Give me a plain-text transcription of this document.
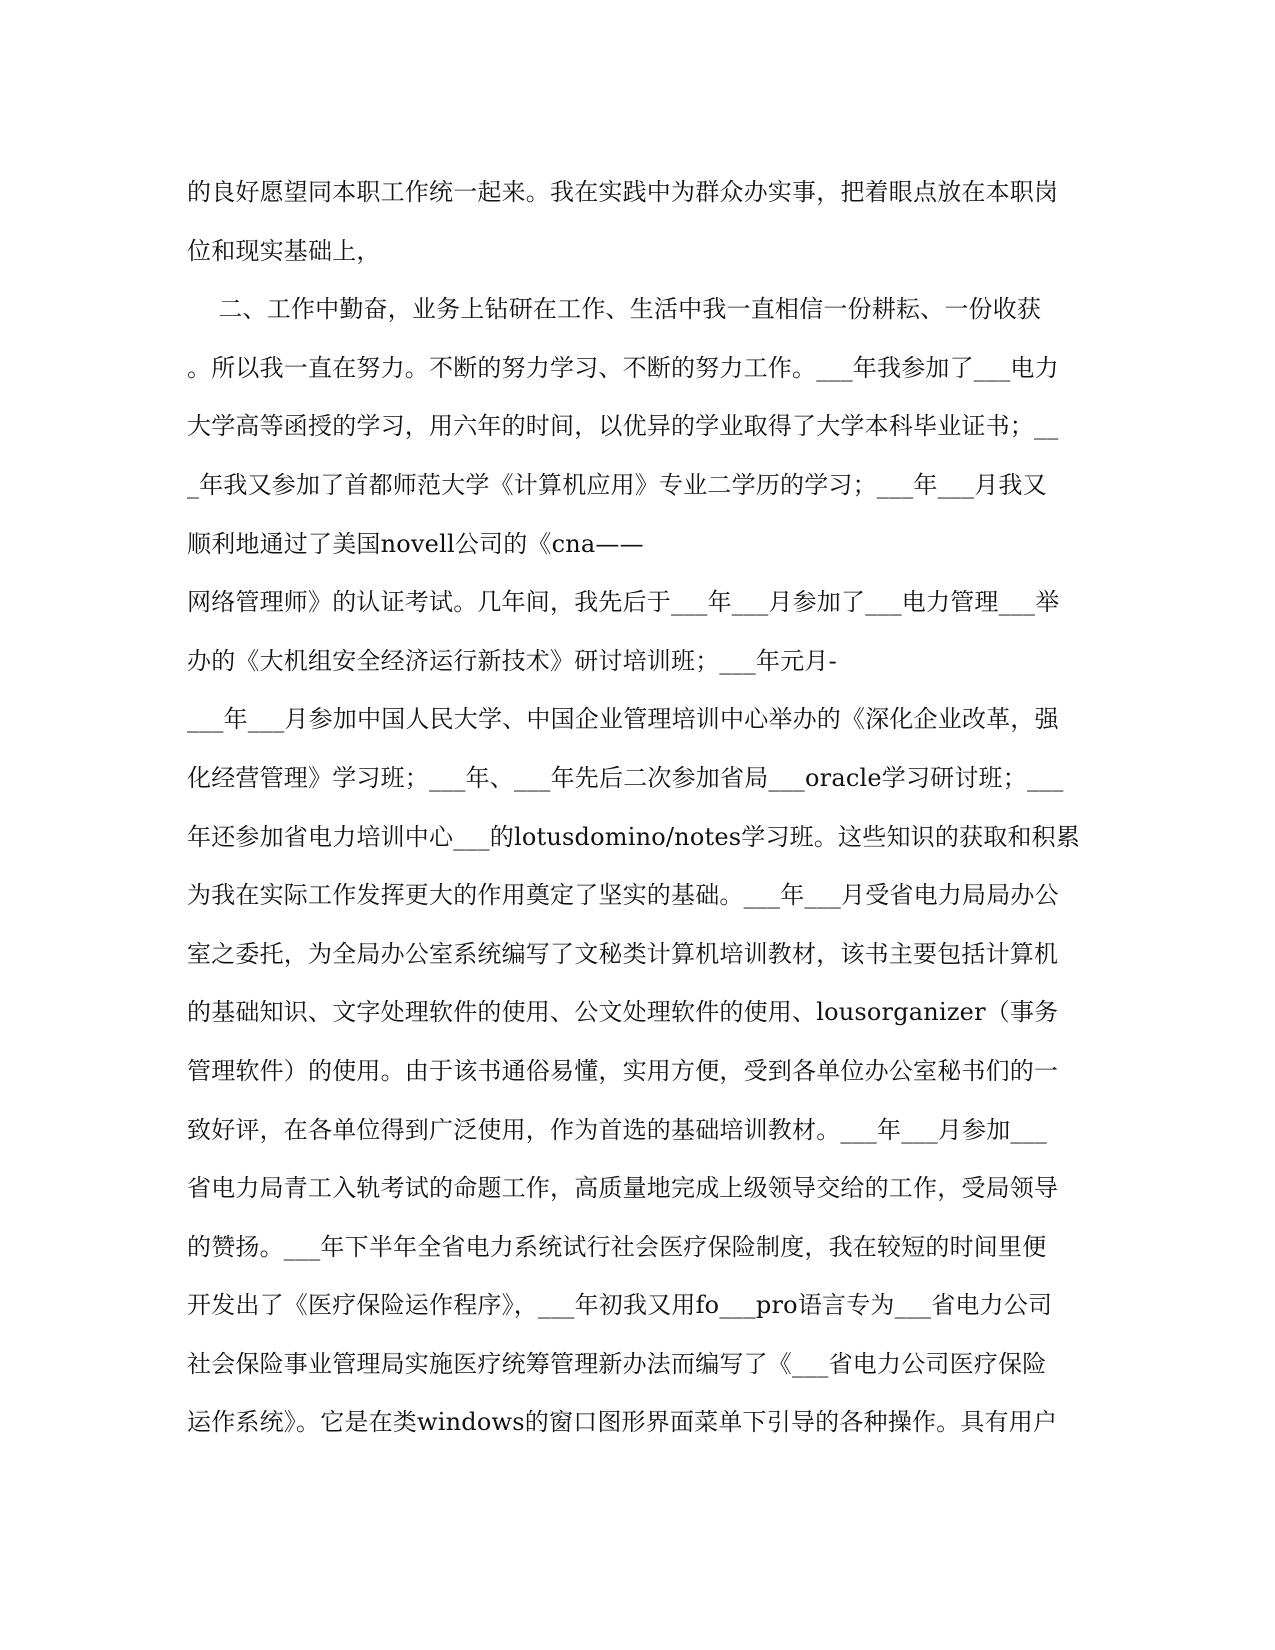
的良好愿望同本职工作统一起来。我在实践中为群众办实事，把着眼点放在本职岗
位和现实基础上，
二、工作中勤奋，业务上钻研在工作、生活中我一直相信一份耕耘、一份收获
。所以我一直在努力。不断的努力学习、不断的努力工作。___年我参加了___电力
大学高等函授的学习，用六年的时间，以优异的学业取得了大学本科毕业证书；__
_年我又参加了首都师范大学《计算机应用》专业二学历的学习；___年___月我又
顺利地通过了美国novell公司的《cna——
网络管理师》的认证考试。几年间，我先后于___年___月参加了___电力管理___举
办的《大机组安全经济运行新技术》研讨培训班；___年元月-
___年___月参加中国人民大学、中国企业管理培训中心举办的《深化企业改革，强
化经营管理》学习班；___年、___年先后二次参加省局___oracle学习研讨班；___
年还参加省电力培训中心___的lotusdomino/notes学习班。这些知识的获取和积累
为我在实际工作发挥更大的作用奠定了坚实的基础。___年___月受省电力局局办公
室之委托，为全局办公室系统编写了文秘类计算机培训教材，该书主要包括计算机
的基础知识、文字处理软件的使用、公文处理软件的使用、lousorganizer（事务
管理软件）的使用。由于该书通俗易懂，实用方便，受到各单位办公室秘书们的一
致好评，在各单位得到广泛使用，作为首选的基础培训教材。___年___月参加___
省电力局青工入轨考试的命题工作，高质量地完成上级领导交给的工作，受局领导
的赞扬。___年下半年全省电力系统试行社会医疗保险制度，我在较短的时间里便
开发出了《医疗保险运作程序》，___年初我又用fo___pro语言专为___省电力公司
社会保险事业管理局实施医疗统筹管理新办法而编写了《___省电力公司医疗保险
运作系统》。它是在类windows的窗口图形界面菜单下引导的各种操作。具有用户
